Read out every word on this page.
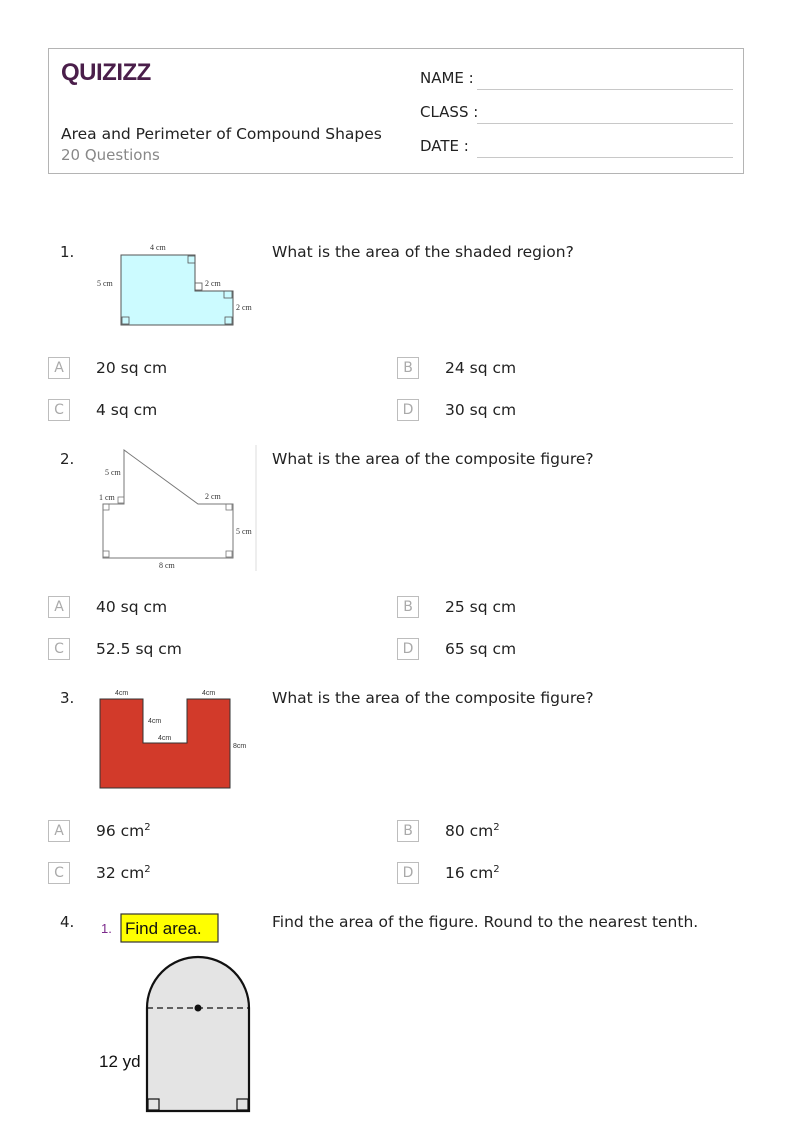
QUIZIZZ
Area and Perimeter of Compound Shapes
20 Questions
NAME :
CLASS :
DATE :
1.	What is the area of the shaded region?
4 cm
5 cm	2 cm
2 cm
A	20 sq cm	B	24 sq cm
C	4 sq cm	D	30 sq cm
2.	What is the area of the composite figure?
5 cm
1 cm	2 cm
5 cm
8 cm
A	40 sq cm	B	25 sq cm
C	52.5 sq cm	D	65 sq cm
3.	What is the area of the composite figure?
4cm	4cm
4cm
4cm
8cm
A	96 $cm^2$	B	80 $cm^2$
C	32 $cm^2$	D	16 $cm^2$
4.	Find the area of the figure. Round to the nearest tenth.
1. Find area.
12 yd
